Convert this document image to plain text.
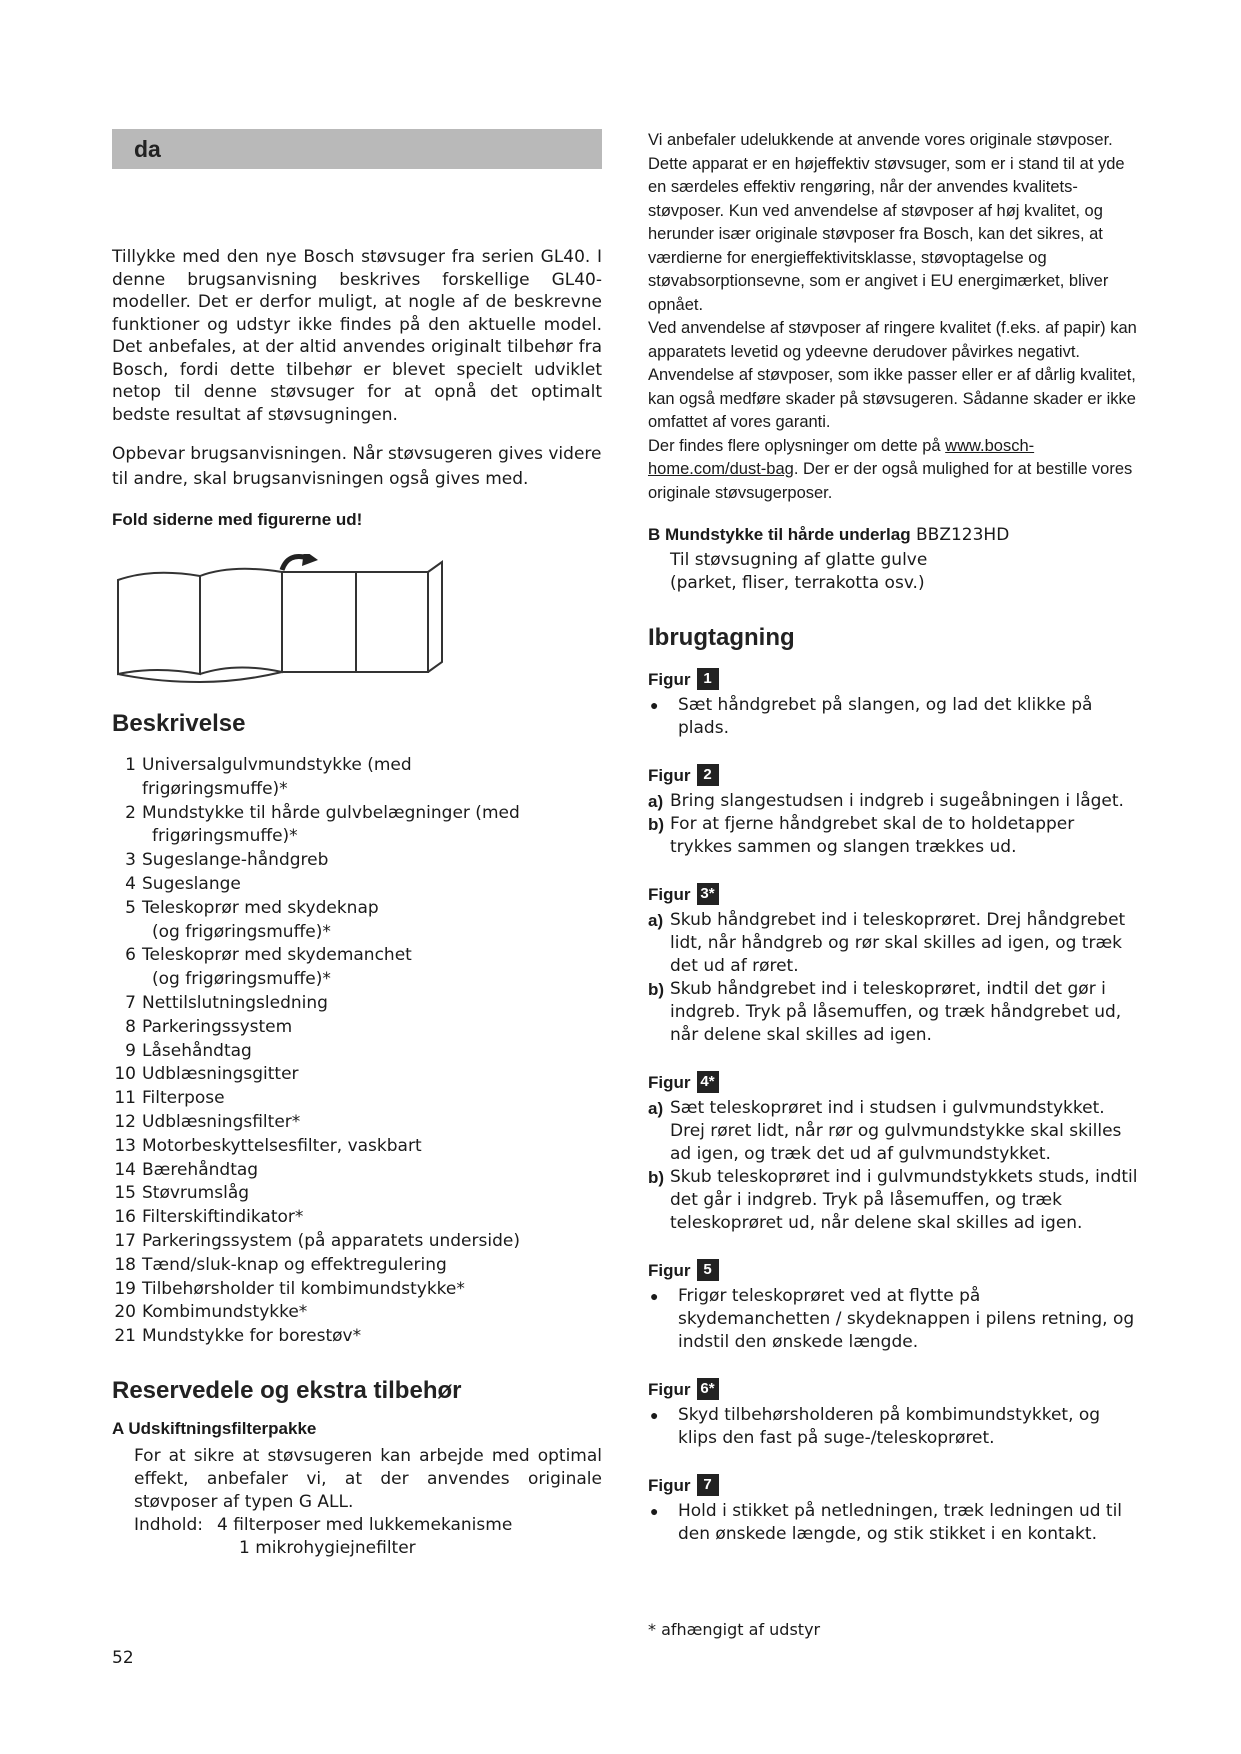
da

Tillykke med den nye Bosch støvsuger fra serien GL40. I denne brugsanvisning beskrives forskellige GL40-modeller. Det er derfor muligt, at nogle af de beskrevne funktioner og udstyr ikke findes på den aktuelle model. Det anbefales, at der altid anvendes originalt tilbehør fra Bosch, fordi dette tilbehør er blevet specielt udviklet netop til denne støvsuger for at opnå det optimalt bedste resultat af støvsugningen.

Opbevar brugsanvisningen. Når støvsugeren gives videre til andre, skal brugsanvisningen også gives med.

Fold siderne med figurerne ud!

Beskrivelse
1 Universalgulvmundstykke (med frigøringsmuffe)*
2 Mundstykke til hårde gulvbelægninger (med
frigøringsmuffe)*
3 Sugeslange-håndgreb
4 Sugeslange
5 Teleskoprør med skydeknap
(og frigøringsmuffe)*
6 Teleskoprør med skydemanchet
(og frigøringsmuffe)*
7 Nettilslutningsledning
8 Parkeringssystem
9 Låsehåndtag
10 Udblæsningsgitter
11 Filterpose
12 Udblæsningsfilter*
13 Motorbeskyttelsesfilter, vaskbart
14 Bærehåndtag
15 Støvrumslåg
16 Filterskiftindikator*
17 Parkeringssystem (på apparatets underside)
18 Tænd/sluk-knap og effektregulering
19 Tilbehørsholder til kombimundstykke*
20 Kombimundstykke*
21 Mundstykke for borestøv*
Reservedele og ekstra tilbehør

A Udskiftningsfilterpakke

For at sikre at støvsugeren kan arbejde med optimal effekt, anbefaler vi, at der anvendes originale støvposer af typen G ALL.

Indhold: 4 filterposer med lukkemekanisme
1 mikrohygiejnefilter

Vi anbefaler udelukkende at anvende vores originale støvposer.

Dette apparat er en højeffektiv støvsuger, som er i stand til at yde en særdeles effektiv rengøring, når der anvendes kvalitets-støvposer. Kun ved anvendelse af støvposer af høj kvalitet, og herunder især originale støvposer fra Bosch, kan det sikres, at værdierne for energieffektivitsklasse, støvoptagelse og støvabsorptionsevne, som er angivet i EU energimærket, bliver opnået.

Ved anvendelse af støvposer af ringere kvalitet (f.eks. af papir) kan apparatets levetid og ydeevne derudover påvirkes negativt. Anvendelse af støvposer, som ikke passer eller er af dårlig kvalitet, kan også medføre skader på støvsugeren. Sådanne skader er ikke omfattet af vores garanti.

Der findes flere oplysninger om dette på www.bosch-home.com/dust-bag. Der er der også mulighed for at bestille vores originale støvsugerposer.

B Mundstykke til hårde underlag BBZ123HD

Til støvsugning af glatte gulve

(parket, fliser, terrakotta osv.)

Ibrugtagning
Figur 1
●	Sæt håndgrebet på slangen, og lad det klikke på plads.
Figur 2
a) Bring slangestudsen i indgreb i sugeåbningen i låget.
b) For at fjerne håndgrebet skal de to holdetapper trykkes sammen og slangen trækkes ud.
Figur 3*
a) Skub håndgrebet ind i teleskoprøret. Drej håndgrebet lidt, når håndgreb og rør skal skilles ad igen, og træk det ud af røret.
b) Skub håndgrebet ind i teleskoprøret, indtil det gør i indgreb. Tryk på låsemuffen, og træk håndgrebet ud, når delene skal skilles ad igen.
Figur 4*
a) Sæt teleskoprøret ind i studsen i gulvmundstykket. Drej røret lidt, når rør og gulvmundstykke skal skilles ad igen, og træk det ud af gulvmundstykket.
b) Skub teleskoprøret ind i gulvmundstykkets studs, indtil det går i indgreb. Tryk på låsemuffen, og træk teleskoprøret ud, når delene skal skilles ad igen.
Figur 5
●	Frigør teleskoprøret ved at flytte på skydemanchetten / skydeknappen i pilens retning, og indstil den ønskede længde.
Figur 6*
●	Skyd tilbehørsholderen på kombimundstykket, og klips den fast på suge-/teleskoprøret.
Figur 7
●	Hold i stikket på netledningen, træk ledningen ud til den ønskede længde, og stik stikket i en kontakt.
* afhængigt af udstyr
52
